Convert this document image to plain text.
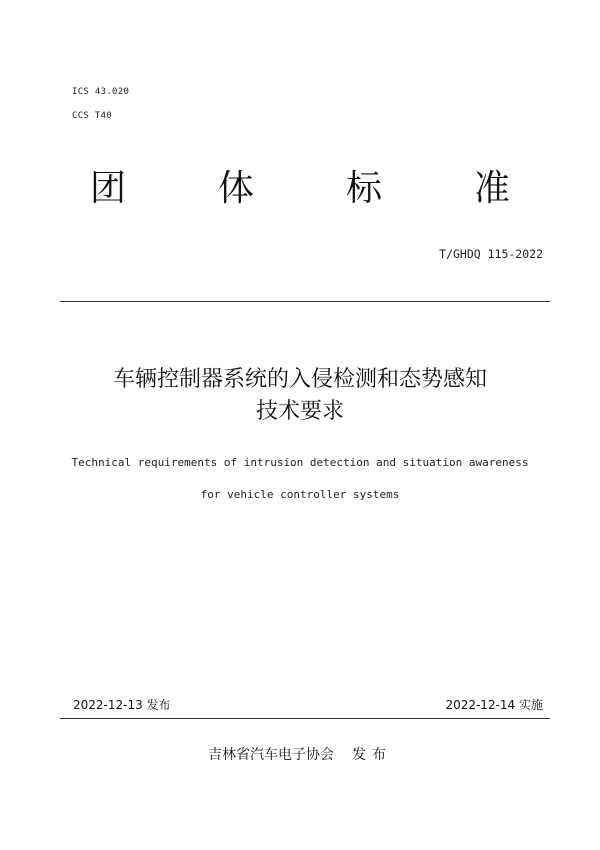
ICS 43.020
CCS T40
团	体	标	准
T/GHDQ 115-2022
车辆控制器系统的入侵检测和态势感知
技术要求
Technical requirements of intrusion detection and situation awareness
for vehicle controller systems
2022-12-13 发布	2022-12-14 实施
吉林省汽车电子协会 发布
